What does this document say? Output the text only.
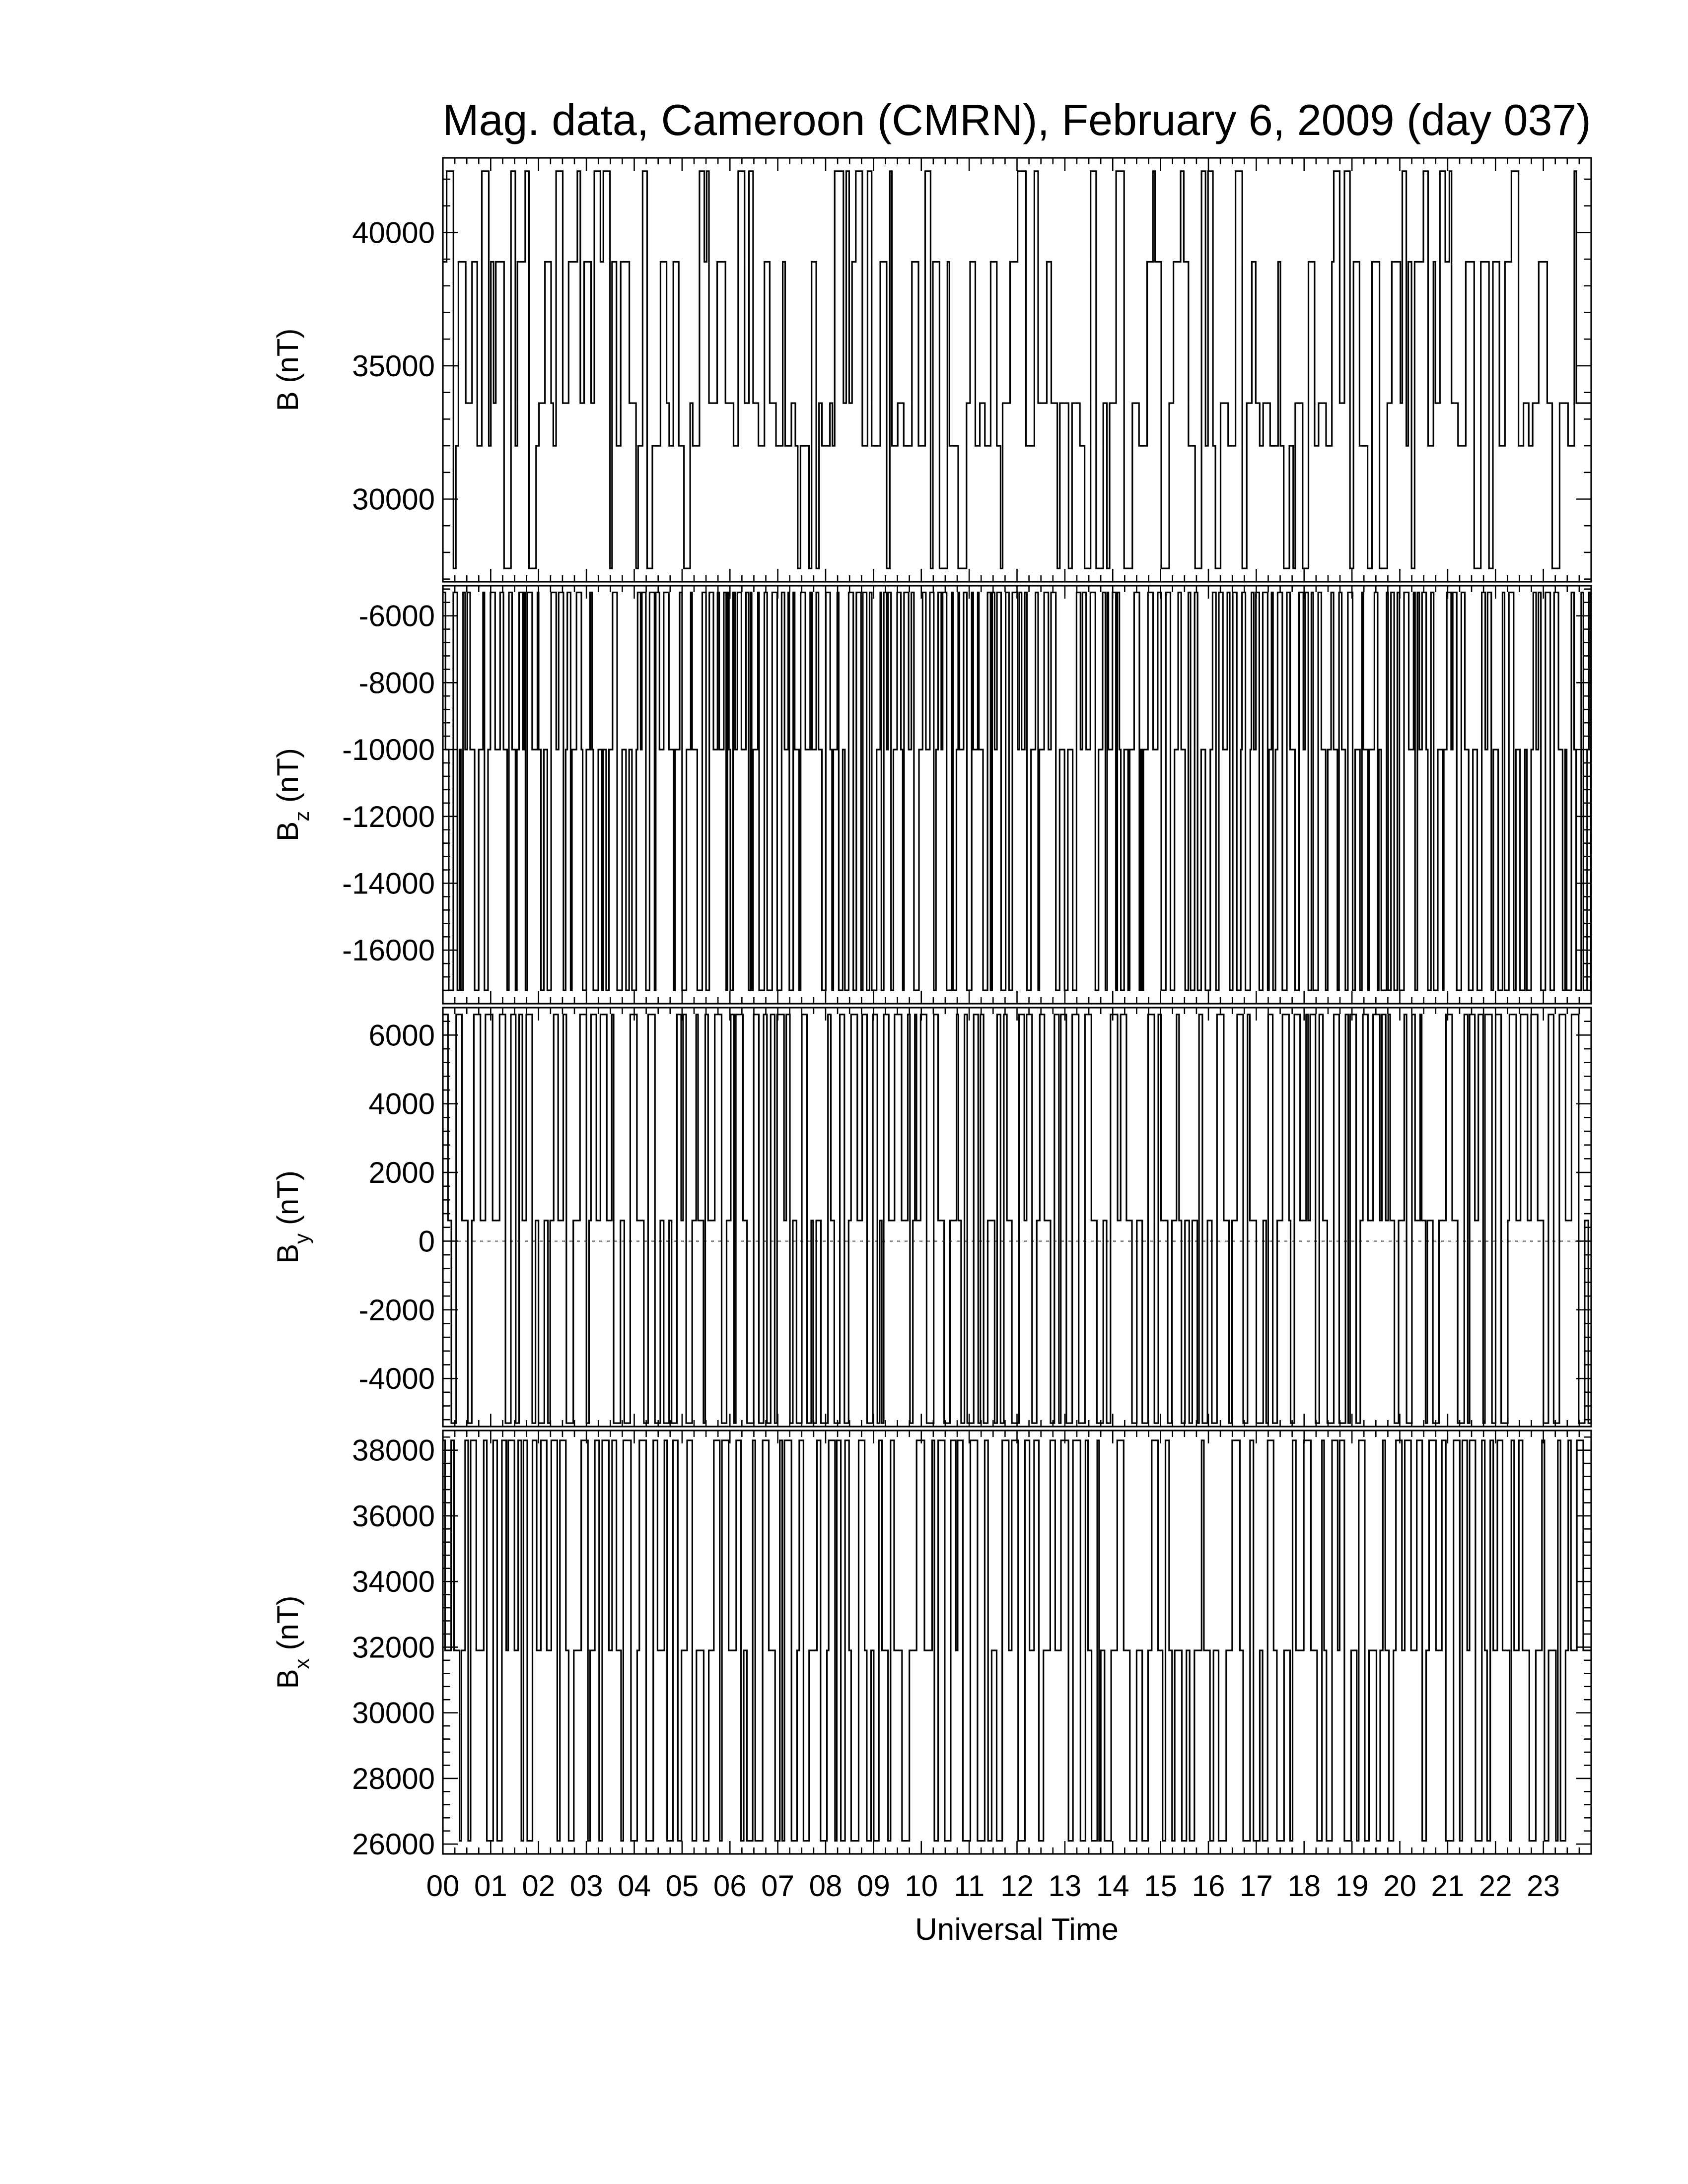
Mag. data, Cameroon (CMRN), February 6, 2009 (day 037)
30000
35000
40000
B (nT)
-16000
-14000
-12000
-10000
-8000
-6000
$B_z$ (nT)
-4000
-2000
0
2000
4000
6000
$B_y$ (nT)
26000
28000
30000
32000
34000
36000
38000
$B_x$ (nT)
00 01 02 03 04 05 06 07 08 09 10 11 12 13 14 15 16 17 18 19 20 21 22 23
Universal Time
